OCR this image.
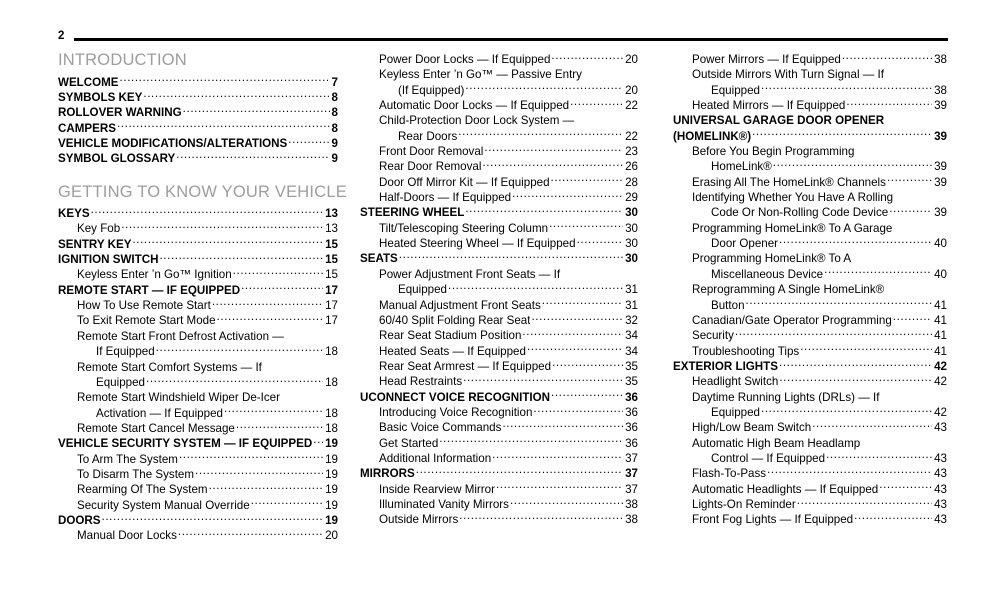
2
INTRODUCTION
WELCOME .....	7
SYMBOLS KEY .....	8
ROLLOVER WARNING .....	8
CAMPERS .....	8
VEHICLE MODIFICATIONS/ALTERATIONS .....	9
SYMBOL GLOSSARY .....	9
GETTING TO KNOW YOUR VEHICLE
KEYS .....	13
Key Fob .....	13
SENTRY KEY .....	15
IGNITION SWITCH .....	15
Keyless Enter ’n Go™ Ignition .....	15
REMOTE START — IF EQUIPPED .....	17
How To Use Remote Start .....	17
To Exit Remote Start Mode .....	17
Remote Start Front Defrost Activation —
If Equipped .....	18
Remote Start Comfort Systems — If
Equipped .....	18
Remote Start Windshield Wiper De-Icer
Activation — If Equipped .....	18
Remote Start Cancel Message .....	18
VEHICLE SECURITY SYSTEM — IF EQUIPPED ..... 19
To Arm The System .....	19
To Disarm The System .....	19
Rearming Of The System .....	19
Security System Manual Override .....	19
DOORS .....	19
Manual Door Locks .....	20
Power Door Locks — If Equipped .....	20
Keyless Enter ’n Go™ — Passive Entry
(If Equipped) .....	20
Automatic Door Locks — If Equipped .....	22
Child-Protection Door Lock System —
Rear Doors .....	22
Front Door Removal .....	23
Rear Door Removal .....	26
Door Off Mirror Kit — If Equipped .....	28
Half-Doors — If Equipped .....	29
STEERING WHEEL .....	30
Tilt/Telescoping Steering Column .....	30
Heated Steering Wheel — If Equipped .....	30
SEATS .....	30
Power Adjustment Front Seats — If
Equipped .....	31
Manual Adjustment Front Seats .....	31
60/40 Split Folding Rear Seat .....	32
Rear Seat Stadium Position .....	34
Heated Seats — If Equipped .....	34
Rear Seat Armrest — If Equipped .....	35
Head Restraints .....	35
UCONNECT VOICE RECOGNITION .....	36
Introducing Voice Recognition .....	36
Basic Voice Commands .....	36
Get Started .....	36
Additional Information .....	37
MIRRORS .....	37
Inside Rearview Mirror .....	37
Illuminated Vanity Mirrors .....	38
Outside Mirrors .....	38
Power Mirrors — If Equipped .....	38
Outside Mirrors With Turn Signal — If
Equipped .....	38
Heated Mirrors — If Equipped .....	39
UNIVERSAL GARAGE DOOR OPENER
(HOMELINK®) .....	39
Before You Begin Programming
HomeLink® .....	39
Erasing All The HomeLink® Channels .....	39
Identifying Whether You Have A Rolling
Code Or Non-Rolling Code Device .....	39
Programming HomeLink® To A Garage
Door Opener .....	40
Programming HomeLink® To A
Miscellaneous Device .....	40
Reprogramming A Single HomeLink®
Button .....	41
Canadian/Gate Operator Programming .....	41
Security .....	41
Troubleshooting Tips .....	41
EXTERIOR LIGHTS .....	42
Headlight Switch .....	42
Daytime Running Lights (DRLs) — If
Equipped .....	42
High/Low Beam Switch .....	43
Automatic High Beam Headlamp
Control — If Equipped .....	43
Flash-To-Pass .....	43
Automatic Headlights — If Equipped .....	43
Lights-On Reminder .....	43
Front Fog Lights — If Equipped .....	43
